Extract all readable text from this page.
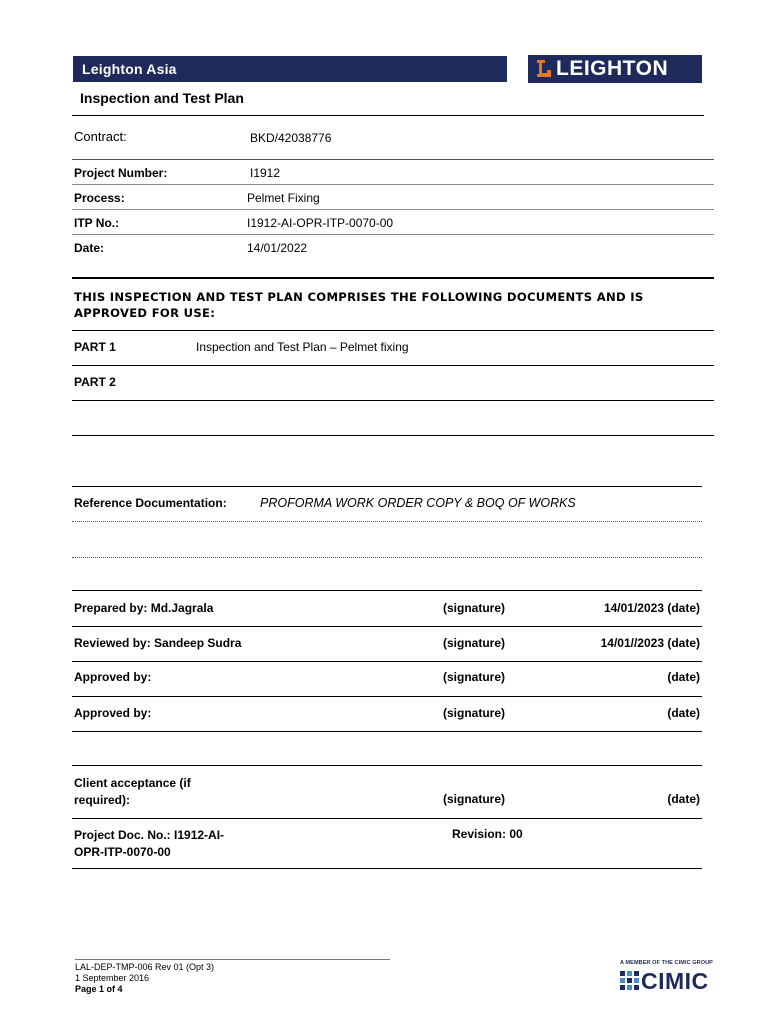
Leighton Asia	LEIGHTON
Inspection and Test Plan
Contract:	BKD/42038776
Project Number:	I1912
Process:	Pelmet Fixing
ITP No.:	I1912-AI-OPR-ITP-0070-00
Date:	14/01/2022
THIS INSPECTION AND TEST PLAN COMPRISES THE FOLLOWING DOCUMENTS AND IS
APPROVED FOR USE:
PART 1	Inspection and Test Plan – Pelmet fixing
PART 2
Reference Documentation:	PROFORMA WORK ORDER COPY & BOQ OF WORKS
Prepared by: Md.Jagrala	(signature)	14/01/2023 (date)
Reviewed by: Sandeep Sudra	(signature)	14/01//2023 (date)
Approved by:	(signature)	(date)
Approved by:	(signature)	(date)
Client acceptance (if
required):	(signature)	(date)
Project Doc. No.: I1912-AI-
OPR-ITP-0070-00
Revision: 00
LAL-DEP-TMP-006 Rev 01 (Opt 3)
1 September 2016
Page 1 of 4
A MEMBER OF THE CIMIC GROUP
CIMIC
